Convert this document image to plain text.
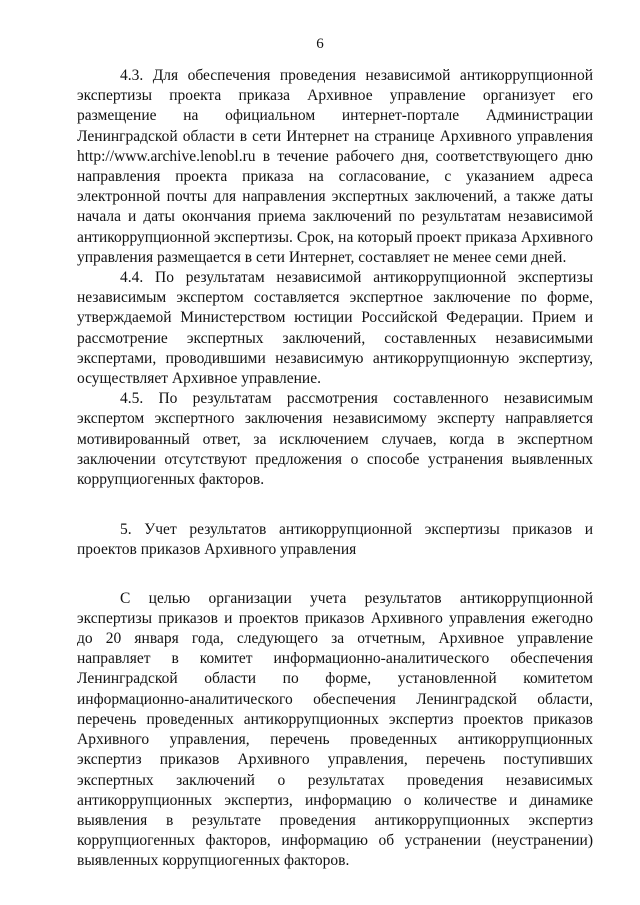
6

4.3. Для обеспечения проведения независимой антикоррупционной экспертизы проекта приказа Архивное управление организует его размещение на официальном интернет-портале Администрации Ленинградской области в сети Интернет на странице Архивного управления http://www.archive.lenobl.ru в течение рабочего дня, соответствующего дню направления проекта приказа на согласование, с указанием адреса электронной почты для направления экспертных заключений, а также даты начала и даты окончания приема заключений по результатам независимой антикоррупционной экспертизы. Срок, на который проект приказа Архивного управления размещается в сети Интернет, составляет не менее семи дней.

4.4. По результатам независимой антикоррупционной экспертизы независимым экспертом составляется экспертное заключение по форме, утверждаемой Министерством юстиции Российской Федерации. Прием и рассмотрение экспертных заключений, составленных независимыми экспертами, проводившими независимую антикоррупционную экспертизу, осуществляет Архивное управление.

4.5. По результатам рассмотрения составленного независимым экспертом экспертного заключения независимому эксперту направляется мотивированный ответ, за исключением случаев, когда в экспертном заключении отсутствуют предложения о способе устранения выявленных коррупциогенных факторов.

5. Учет результатов антикоррупционной экспертизы приказов и проектов приказов Архивного управления

С целью организации учета результатов антикоррупционной экспертизы приказов и проектов приказов Архивного управления ежегодно до 20 января года, следующего за отчетным, Архивное управление направляет в комитет информационно-аналитического обеспечения Ленинградской области по форме, установленной комитетом информационно-аналитического обеспечения Ленинградской области, перечень проведенных антикоррупционных экспертиз проектов приказов Архивного управления, перечень проведенных антикоррупционных экспертиз приказов Архивного управления, перечень поступивших экспертных заключений о результатах проведения независимых антикоррупционных экспертиз, информацию о количестве и динамике выявления в результате проведения антикоррупционных экспертиз коррупциогенных факторов, информацию об устранении (неустранении) выявленных коррупциогенных факторов.
